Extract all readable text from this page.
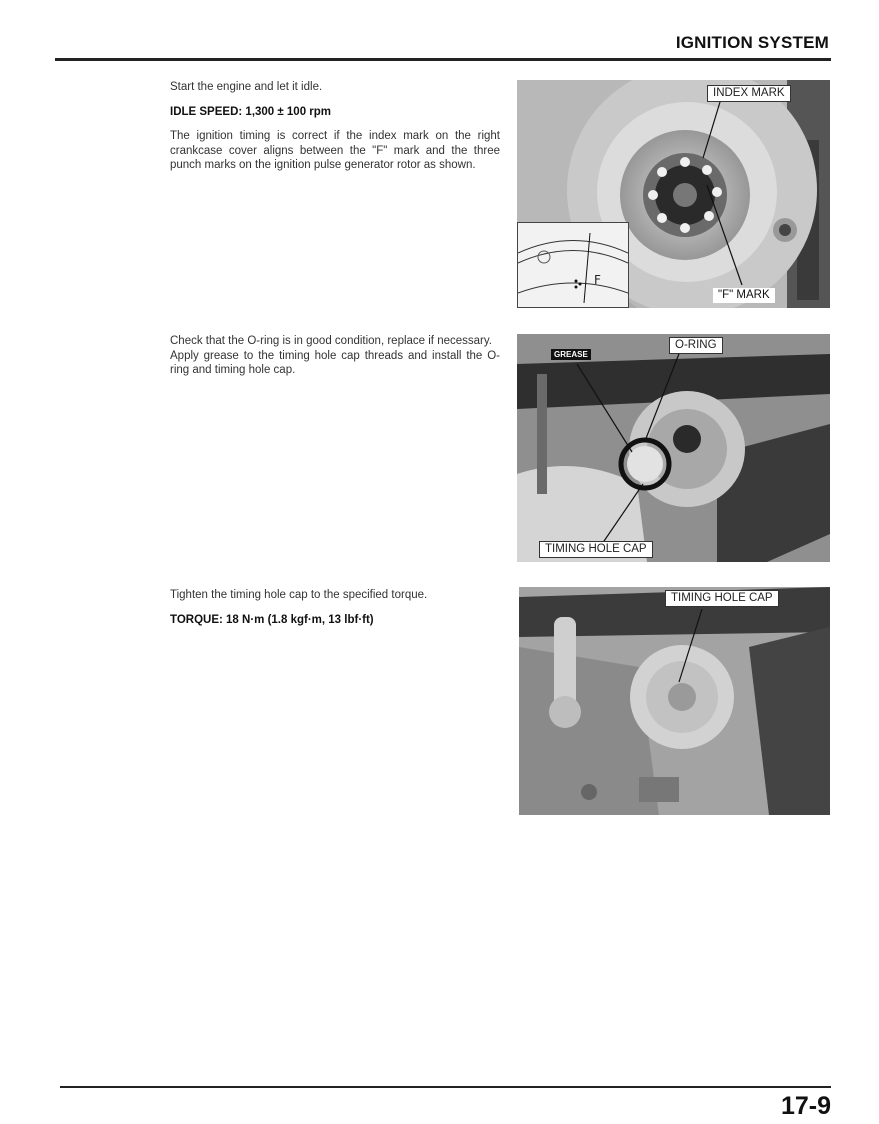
IGNITION SYSTEM

Start the engine and let it idle.

IDLE SPEED: 1,300 ± 100 rpm

The ignition timing is correct if the index mark on the right crankcase cover aligns between the "F" mark and the three punch marks on the ignition pulse generator rotor as shown.

INDEX MARK
"F" MARK
F

Check that the O-ring is in good condition, replace if necessary.

Apply grease to the timing hole cap threads and install the O-ring and timing hole cap.

O-RING
TIMING HOLE CAP
GREASE

Tighten the timing hole cap to the specified torque.

TORQUE: 18 N·m (1.8 kgf·m, 13 lbf·ft)

TIMING HOLE CAP
17-9
